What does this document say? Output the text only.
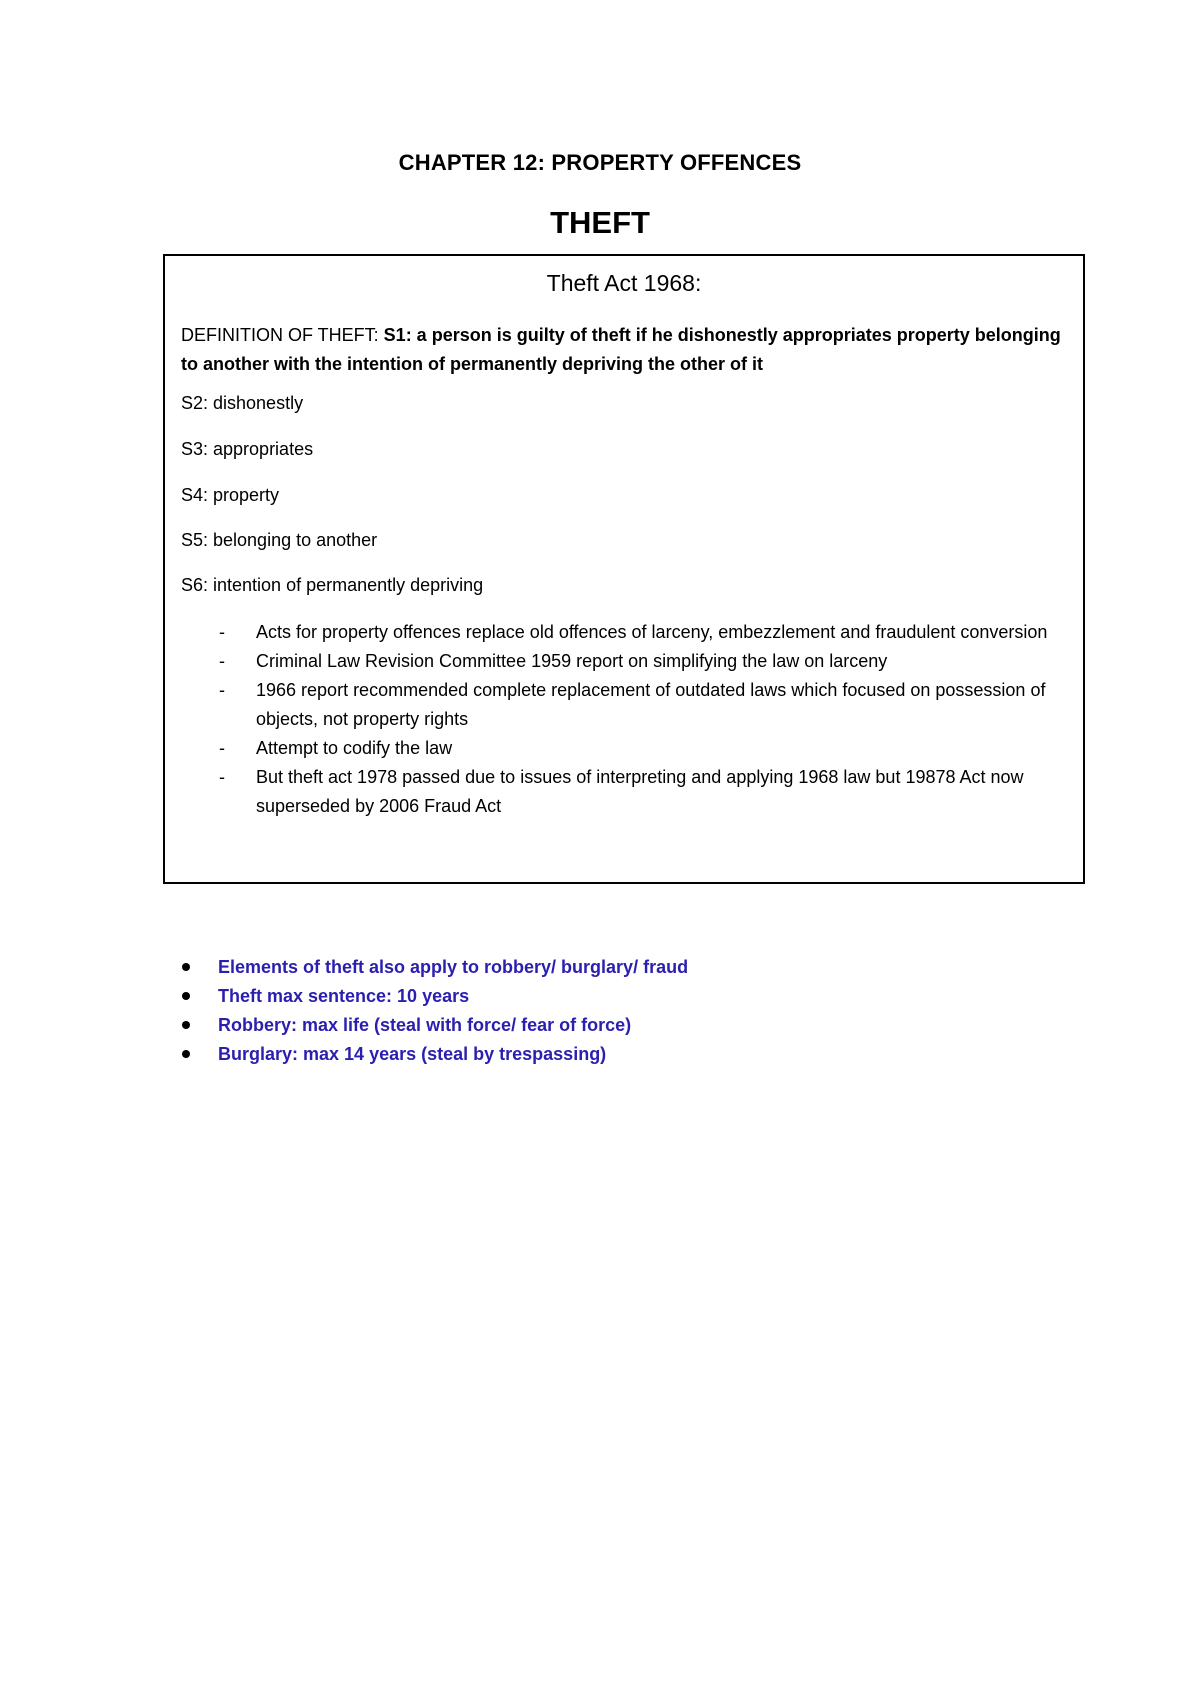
CHAPTER 12: PROPERTY OFFENCES
THEFT
Theft Act 1968:
DEFINITION OF THEFT: S1: a person is guilty of theft if he dishonestly appropriates property belonging to another with the intention of permanently depriving the other of it
S2: dishonestly
S3: appropriates
S4: property
S5: belonging to another
S6: intention of permanently depriving
- Acts for property offences replace old offences of larceny, embezzlement and fraudulent conversion
- Criminal Law Revision Committee 1959 report on simplifying the law on larceny
- 1966 report recommended complete replacement of outdated laws which focused on possession of objects, not property rights
- Attempt to codify the law
- But theft act 1978 passed due to issues of interpreting and applying 1968 law but 19878 Act now superseded by 2006 Fraud Act
Elements of theft also apply to robbery/ burglary/ fraud
Theft max sentence: 10 years
Robbery: max life (steal with force/ fear of force)
Burglary: max 14 years (steal by trespassing)
